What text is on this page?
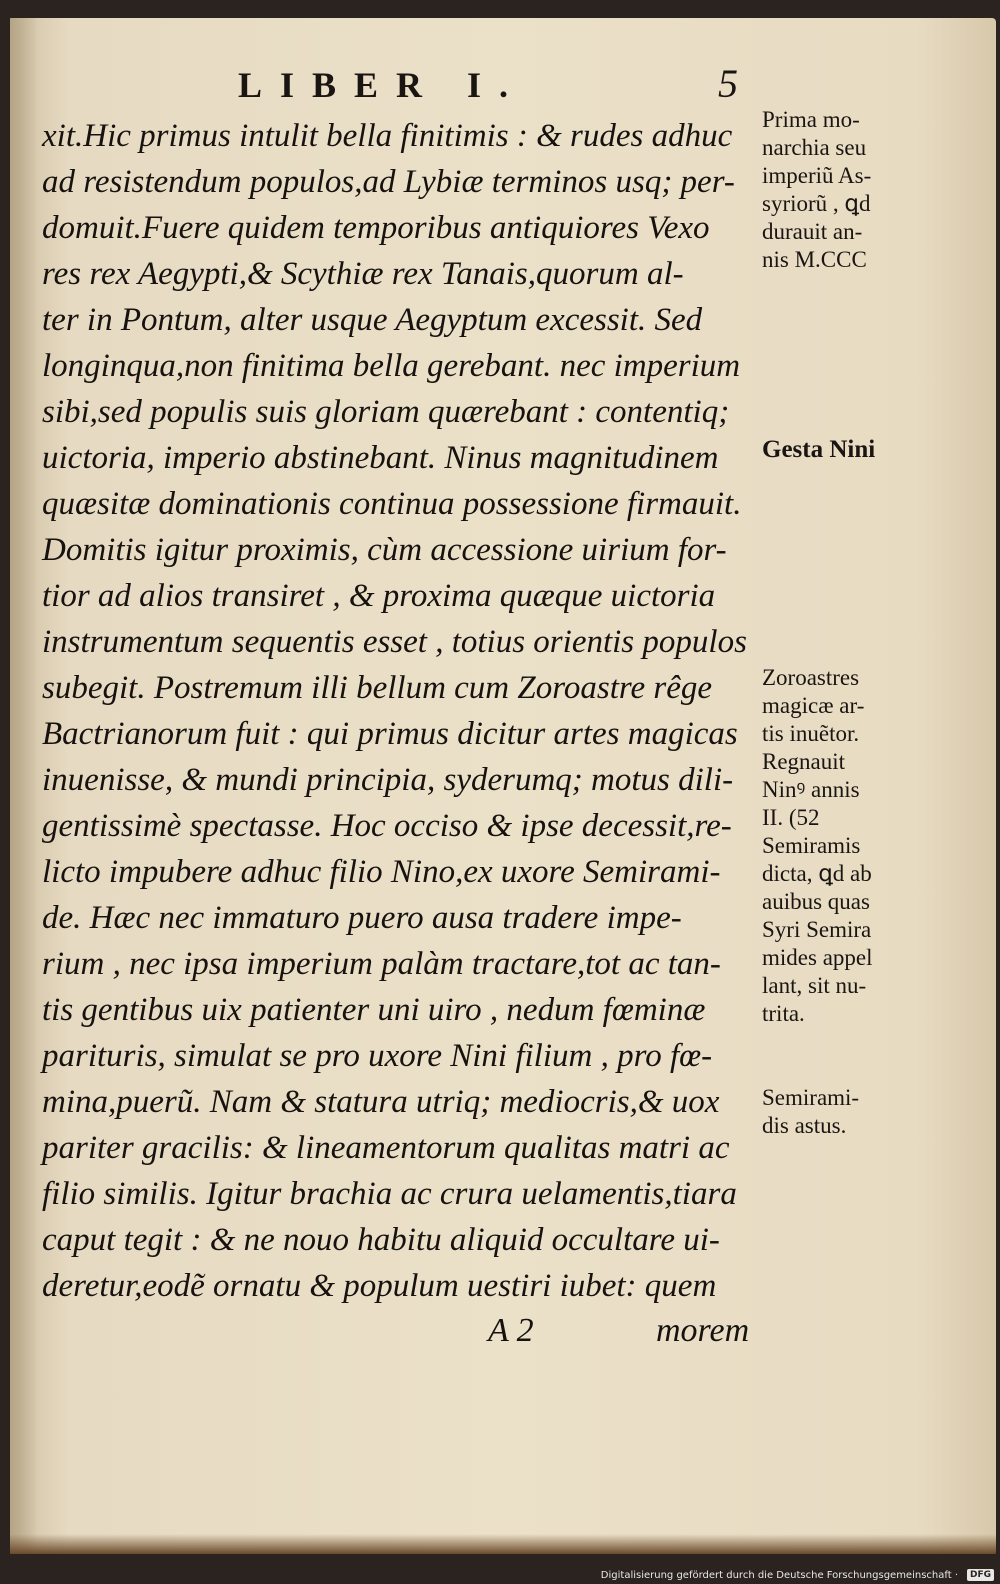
LIBER I.	5
xit.Hic primus intulit bella finitimis : & rudes adhuc
ad resistendum populos,ad Lybiæ terminos usq; per-
domuit.Fuere quidem temporibus antiquiores Vexo
res rex Aegypti,& Scythiæ rex Tanais,quorum al-
ter in Pontum, alter usque Aegyptum excessit. Sed
longinqua,non finitima bella gerebant. nec imperium
sibi,sed populis suis gloriam quærebant : contentiq;
uictoria, imperio abstinebant. Ninus magnitudinem
quæsitæ dominationis continua possessione firmauit.
Domitis igitur proximis, cùm accessione uirium for-
tior ad alios transiret , & proxima quæque uictoria
instrumentum sequentis esset , totius orientis populos
subegit. Postremum illi bellum cum Zoroastre rêge
Bactrianorum fuit : qui primus dicitur artes magicas
inuenisse, & mundi principia, syderumq; motus dili-
gentissimè spectasse. Hoc occiso & ipse decessit,re-
licto impubere adhuc filio Nino,ex uxore Semirami-
de. Hæc nec immaturo puero ausa tradere impe-
rium , nec ipsa imperium palàm tractare,tot ac tan-
tis gentibus uix patienter uni uiro , nedum fœminæ
parituris, simulat se pro uxore Nini filium , pro fœ-
mina,puerũ. Nam & statura utriq; mediocris,& uox
pariter gracilis: & lineamentorum qualitas matri ac
filio similis. Igitur brachia ac crura uelamentis,tiara
caput tegit : & ne nouo habitu aliquid occultare ui-
deretur,eodẽ ornatu & populum uestiri iubet: quem
A 2	morem
Prima mo-
narchia seu
imperiũ As-
syriorũ , ꝗd
durauit an-
nis M.CCC
Gesta Nini
Zoroastres
magicæ ar-
tis inuẽtor.
Regnauit
Ninꝰ annis
II. (52
Semiramis
dicta, ꝗd ab
auibus quas
Syri Semira
mides appel
lant, sit nu-
trita.
Semirami-
dis astus.
Digitalisierung gefördert durch die Deutsche Forschungsgemeinschaft ·	DFG
